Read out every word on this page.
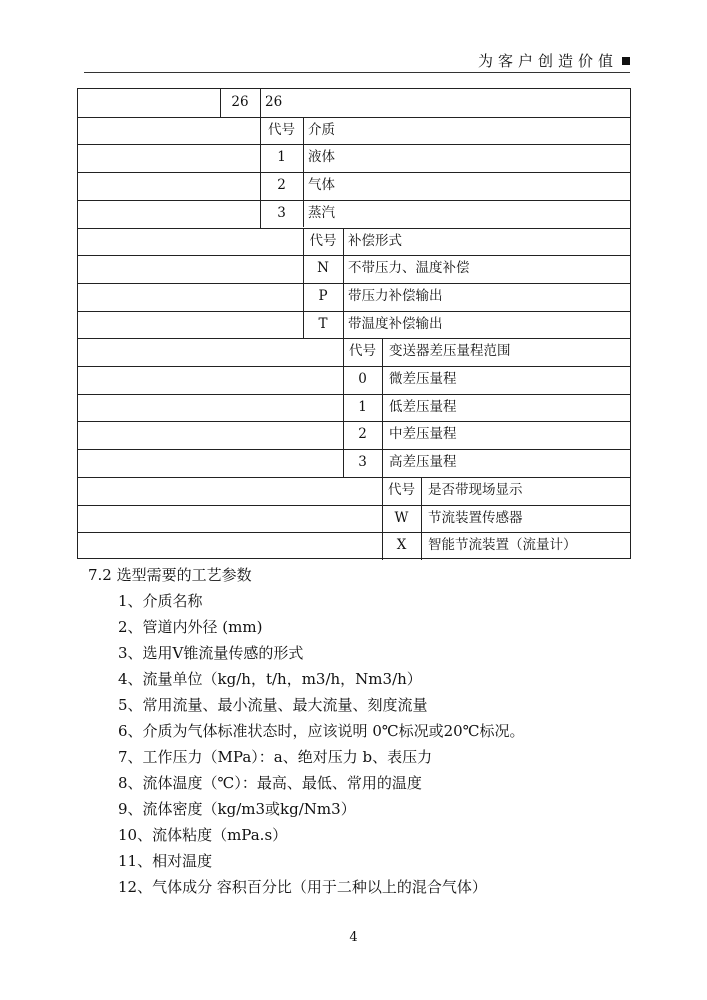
为客户创造价值
26	26
代号 介质
1	液体
2	气体
3	蒸汽
代号 补偿形式
N	不带压力、温度补偿
P	带压力补偿输出
T	带温度补偿输出
代号 变送器差压量程范围
0	微差压量程
1	低差压量程
2	中差压量程
3	高差压量程
代号 是否带现场显示
W	节流装置传感器
X	智能节流装置（流量计）
7.2 选型需要的工艺参数
1、介质名称
2、管道内外径 (mm)
3、选用V锥流量传感的形式
4、流量单位（kg/h，t/h，m3/h，Nm3/h）
5、常用流量、最小流量、最大流量、刻度流量
6、介质为气体标准状态时，应该说明 0℃标况或20℃标况。
7、工作压力（MPa）：a、绝对压力 b、表压力
8、流体温度（℃）：最高、最低、常用的温度
9、流体密度（kg/m3或kg/Nm3）
10、流体粘度（mPa.s）
11、相对温度
12、气体成分 容积百分比（用于二种以上的混合气体）
4
